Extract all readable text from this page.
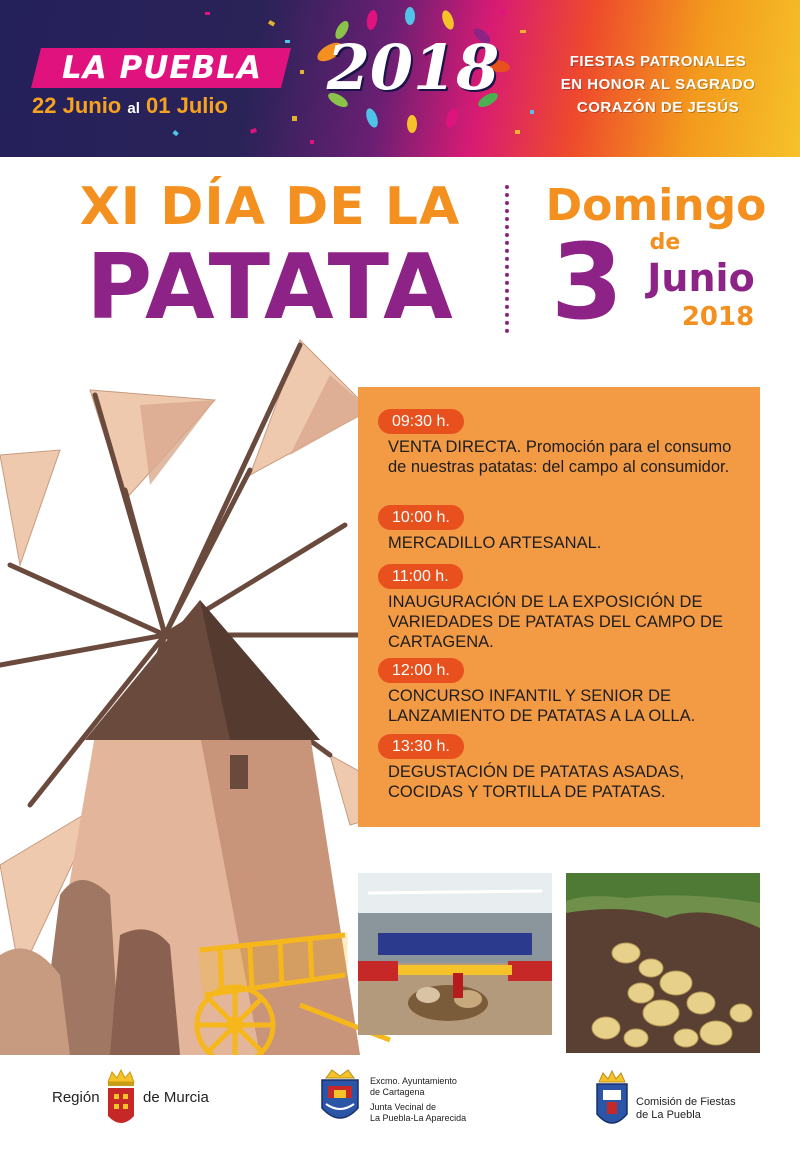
LA PUEBLA
22 Junio al 01 Julio
2018	FIESTAS PATRONALES
EN HONOR AL SAGRADO
CORAZÓN DE JESÚS
XI DÍA DE LA
PATATA
Domingo
3	de
Junio
2018
09:30 h.
VENTA DIRECTA. Promoción para el consumo de nuestras patatas: del campo al consumidor.
10:00 h.
MERCADILLO ARTESANAL.
11:00 h.
INAUGURACIÓN DE LA EXPOSICIÓN DE VARIEDADES DE PATATAS DEL CAMPO DE CARTAGENA.
12:00 h.
CONCURSO INFANTIL Y SENIOR DE LANZAMIENTO DE PATATAS A LA OLLA.
13:30 h.
DEGUSTACIÓN DE PATATAS ASADAS, COCIDAS Y TORTILLA DE PATATAS.
Región	de Murcia
Excmo. Ayuntamiento
de Cartagena
Junta Vecinal de
La Puebla-La Aparecida
Comisión de Fiestas
de La Puebla
